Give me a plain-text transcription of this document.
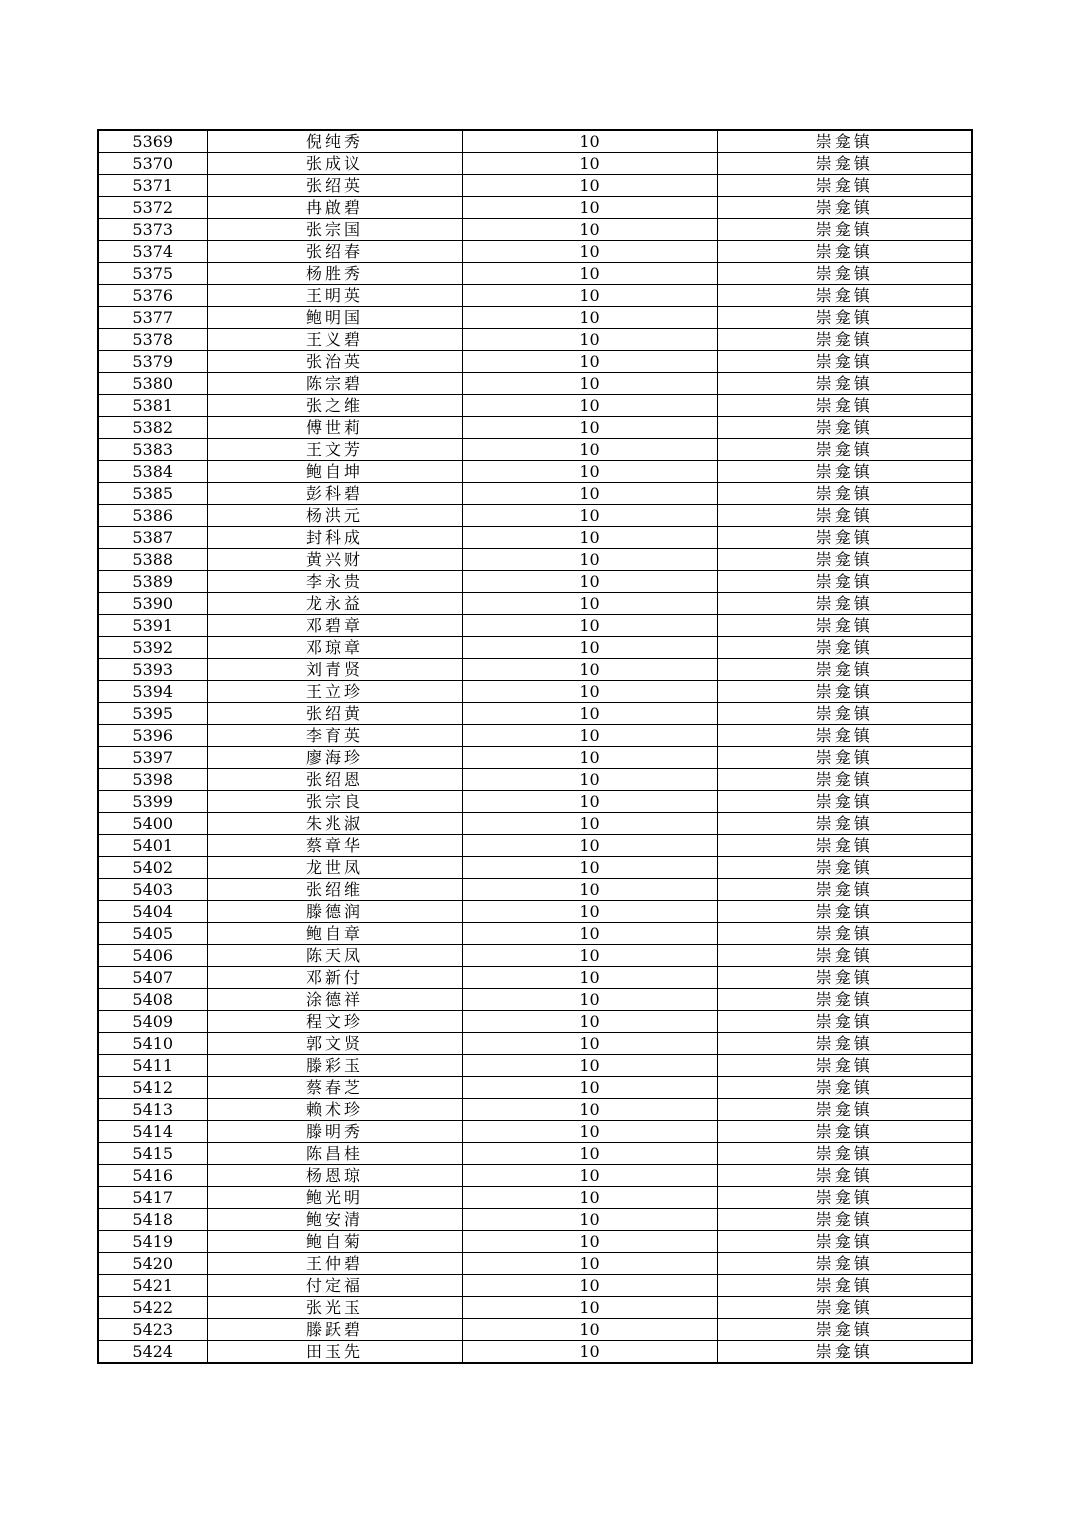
5369	倪纯秀	10	崇龛镇
5370	张成议	10	崇龛镇
5371	张绍英	10	崇龛镇
5372	冉啟碧	10	崇龛镇
5373	张宗国	10	崇龛镇
5374	张绍春	10	崇龛镇
5375	杨胜秀	10	崇龛镇
5376	王明英	10	崇龛镇
5377	鲍明国	10	崇龛镇
5378	王义碧	10	崇龛镇
5379	张治英	10	崇龛镇
5380	陈宗碧	10	崇龛镇
5381	张之维	10	崇龛镇
5382	傅世莉	10	崇龛镇
5383	王文芳	10	崇龛镇
5384	鲍自坤	10	崇龛镇
5385	彭科碧	10	崇龛镇
5386	杨洪元	10	崇龛镇
5387	封科成	10	崇龛镇
5388	黄兴财	10	崇龛镇
5389	李永贵	10	崇龛镇
5390	龙永益	10	崇龛镇
5391	邓碧章	10	崇龛镇
5392	邓琼章	10	崇龛镇
5393	刘青贤	10	崇龛镇
5394	王立珍	10	崇龛镇
5395	张绍黄	10	崇龛镇
5396	李育英	10	崇龛镇
5397	廖海珍	10	崇龛镇
5398	张绍恩	10	崇龛镇
5399	张宗良	10	崇龛镇
5400	朱兆淑	10	崇龛镇
5401	蔡章华	10	崇龛镇
5402	龙世凤	10	崇龛镇
5403	张绍维	10	崇龛镇
5404	滕德润	10	崇龛镇
5405	鲍自章	10	崇龛镇
5406	陈天凤	10	崇龛镇
5407	邓新付	10	崇龛镇
5408	涂德祥	10	崇龛镇
5409	程文珍	10	崇龛镇
5410	郭文贤	10	崇龛镇
5411	滕彩玉	10	崇龛镇
5412	蔡春芝	10	崇龛镇
5413	赖术珍	10	崇龛镇
5414	滕明秀	10	崇龛镇
5415	陈昌桂	10	崇龛镇
5416	杨恩琼	10	崇龛镇
5417	鲍光明	10	崇龛镇
5418	鲍安清	10	崇龛镇
5419	鲍自菊	10	崇龛镇
5420	王仲碧	10	崇龛镇
5421	付定福	10	崇龛镇
5422	张光玉	10	崇龛镇
5423	滕跃碧	10	崇龛镇
5424	田玉先	10	崇龛镇
